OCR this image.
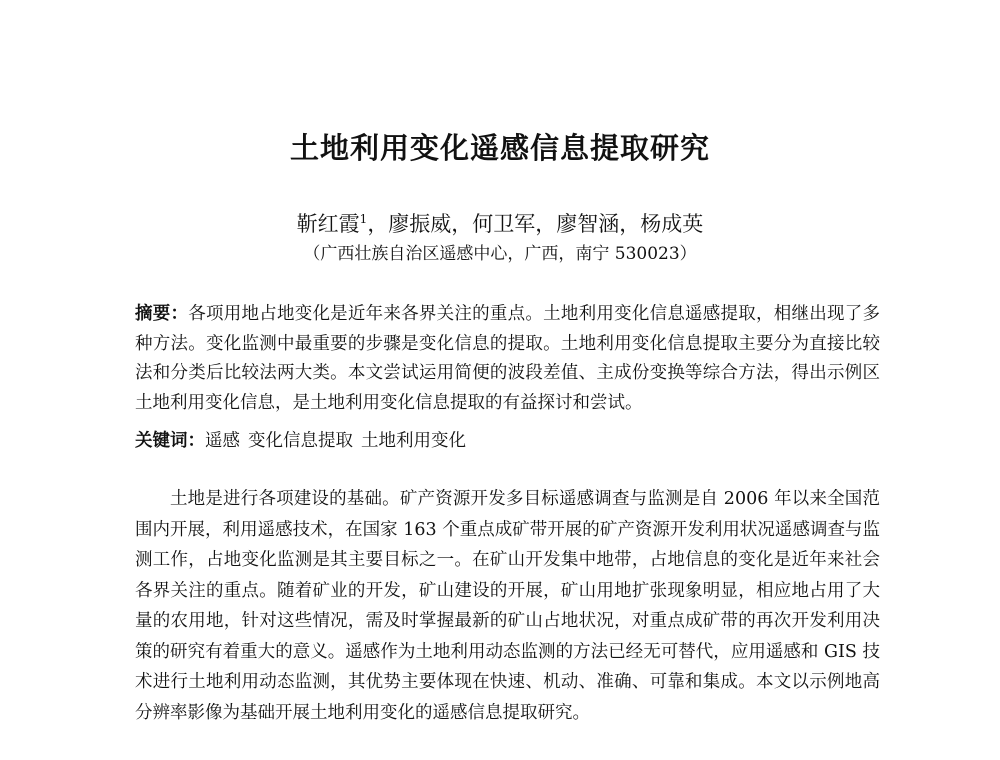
土地利用变化遥感信息提取研究
靳红霞$^1$，廖振威，何卫军，廖智涵，杨成英
（广西壮族自治区遥感中心，广西，南宁 530023）
摘要：各项用地占地变化是近年来各界关注的重点。土地利用变化信息遥感提取，相继出现了多种方法。变化监测中最重要的步骤是变化信息的提取。土地利用变化信息提取主要分为直接比较法和分类后比较法两大类。本文尝试运用简便的波段差值、主成份变换等综合方法，得出示例区土地利用变化信息，是土地利用变化信息提取的有益探讨和尝试。
关键词：遥感 变化信息提取 土地利用变化
土地是进行各项建设的基础。矿产资源开发多目标遥感调查与监测是自 2006 年以来全国范围内开展，利用遥感技术，在国家 163 个重点成矿带开展的矿产资源开发利用状况遥感调查与监测工作，占地变化监测是其主要目标之一。在矿山开发集中地带，占地信息的变化是近年来社会各界关注的重点。随着矿业的开发，矿山建设的开展，矿山用地扩张现象明显，相应地占用了大量的农用地，针对这些情况，需及时掌握最新的矿山占地状况，对重点成矿带的再次开发利用决策的研究有着重大的意义。遥感作为土地利用动态监测的方法已经无可替代，应用遥感和 GIS 技术进行土地利用动态监测，其优势主要体现在快速、机动、准确、可靠和集成。本文以示例地高分辨率影像为基础开展土地利用变化的遥感信息提取研究。
